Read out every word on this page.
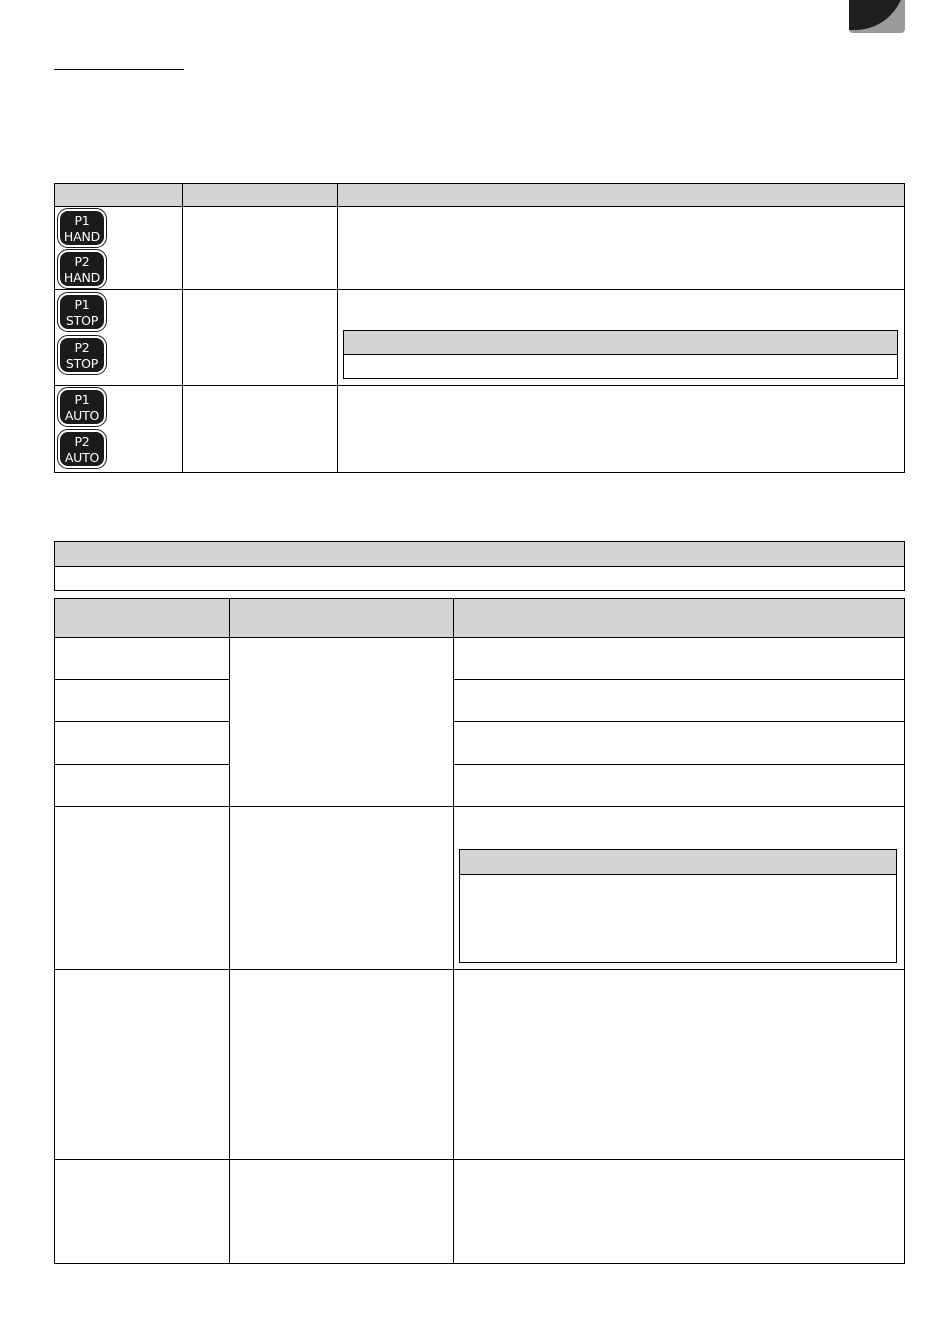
P1
HAND
P2
HAND
P1
STOP
P2
STOP
P1
AUTO
P2
AUTO
